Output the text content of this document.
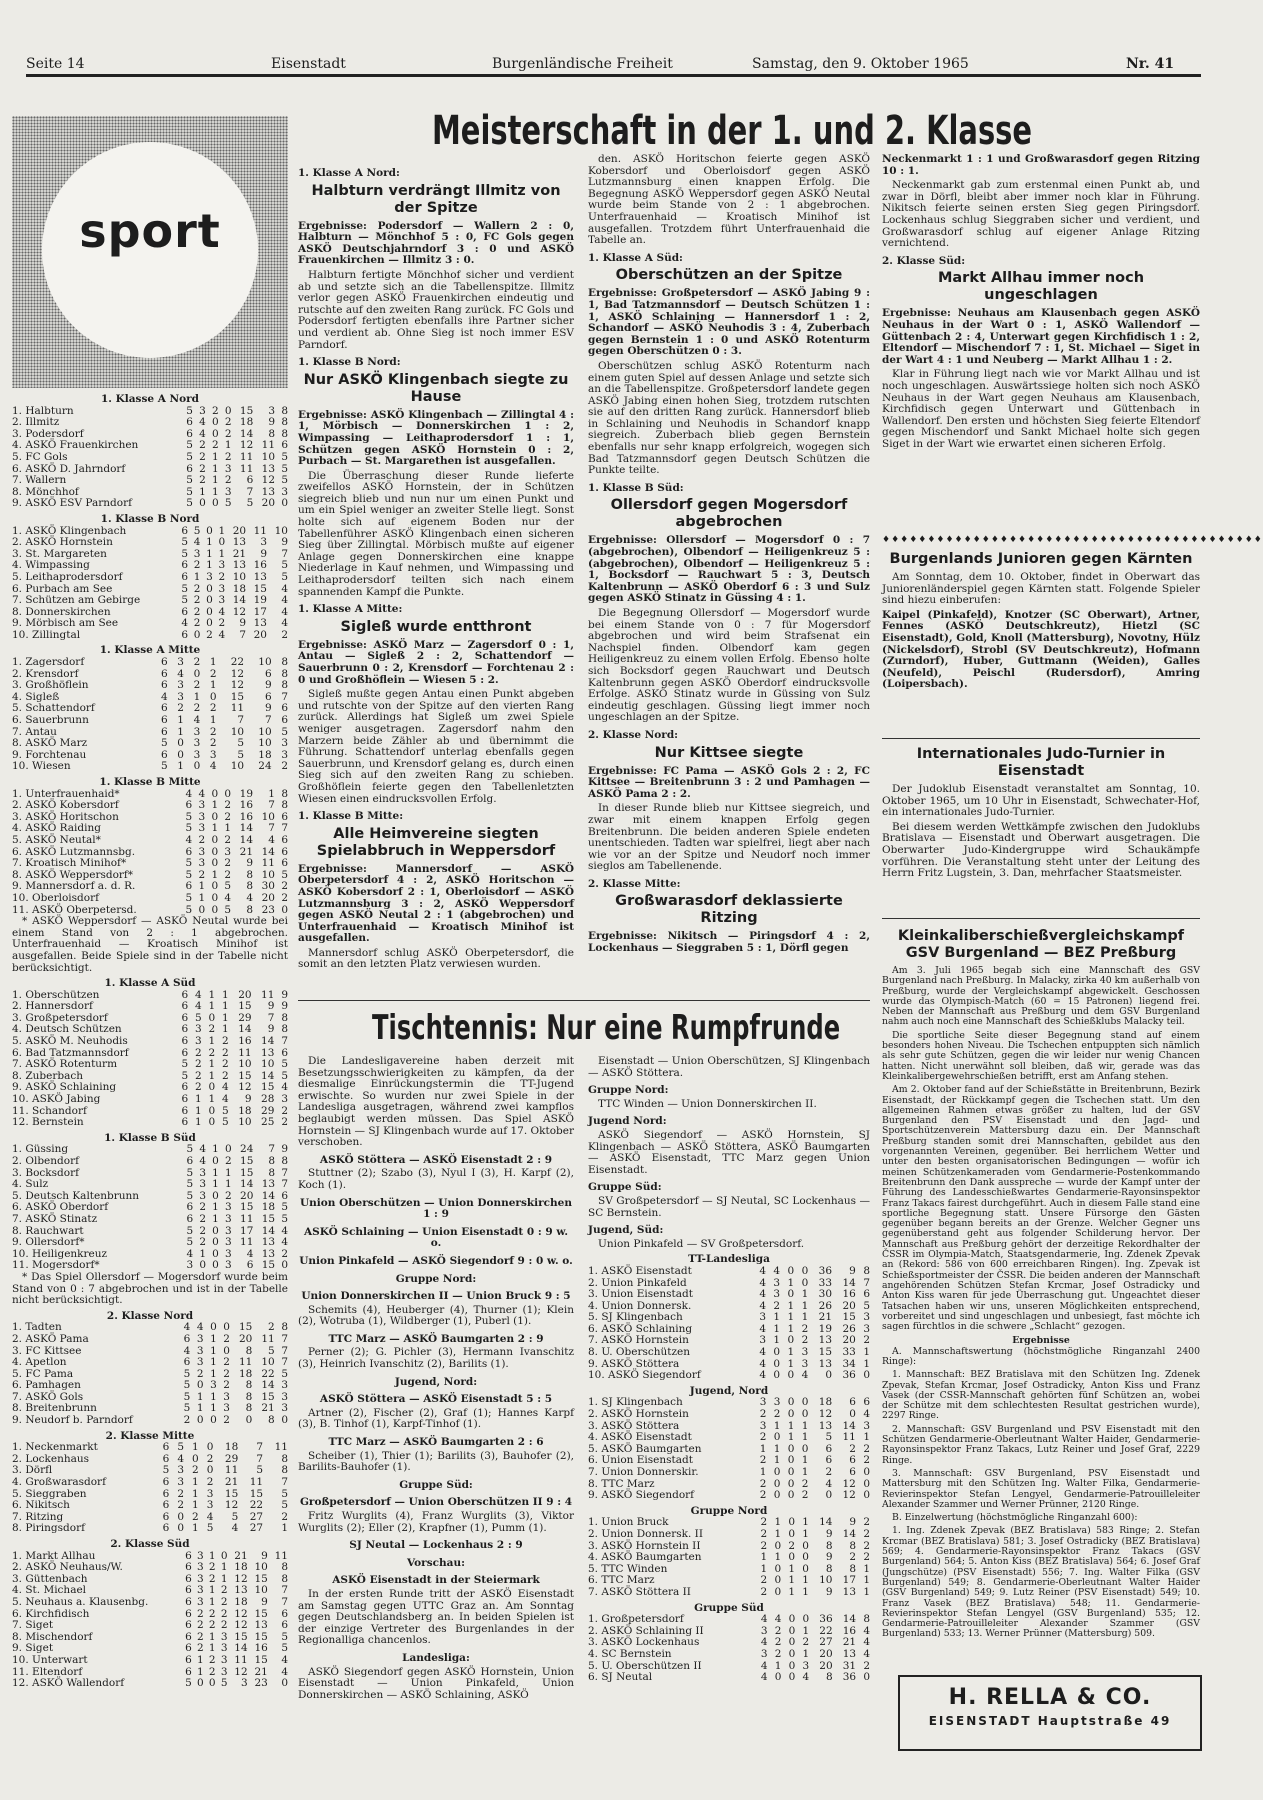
Seite 14	Eisenstadt	Burgenländische Freiheit	Samstag, den 9. Oktober 1965	Nr. 41
sport
Meisterschaft in der 1. und 2. Klasse
1. Klasse A Nord
1. Halbturn	5	3	2	0	15	3	8
2. Illmitz	6	4	0	2	18	9	8
3. Podersdorf	6	4	0	2	14	8	8
4. ASKÖ Frauenkirchen	5	2	2	1	12	11	6
5. FC Gols	5	2	1	2	11	10	5
6. ASKÖ D. Jahrndorf	6	2	1	3	11	13	5
7. Wallern	5	2	1	2	6	12	5
8. Mönchhof	5	1	1	3	7	13	3
9. ASKÖ ESV Parndorf	5	0	0	5	5	20	0
1. Klasse B Nord
1. ASKÖ Klingenbach	6	5	0	1	20	11	10
2. ASKÖ Hornstein	5	4	1	0	13	3	9
3. St. Margareten	5	3	1	1	21	9	7
4. Wimpassing	6	2	1	3	13	16	5
5. Leithaprodersdorf	6	1	3	2	10	13	5
6. Purbach am See	5	2	0	3	18	15	4
7. Schützen am Gebirge	5	2	0	3	14	19	4
8. Donnerskirchen	6	2	0	4	12	17	4
9. Mörbisch am See	4	2	0	2	9	13	4
10. Zillingtal	6	0	2	4	7	20	2
1. Klasse A Mitte
1. Zagersdorf	6	3	2	1	22	10	8
2. Krensdorf	6	4	0	2	12	6	8
3. Großhöflein	6	3	2	1	12	9	8
4. Sigleß	4	3	1	0	15	6	7
5. Schattendorf	6	2	2	2	11	9	6
6. Sauerbrunn	6	1	4	1	7	7	6
7. Antau	6	1	3	2	10	10	5
8. ASKÖ Marz	5	0	3	2	5	10	3
9. Forchtenau	6	0	3	3	5	18	3
10. Wiesen	5	1	0	4	10	24	2
1. Klasse B Mitte
1. Unterfrauenhaid*	4	4	0	0	19	1	8
2. ASKÖ Kobersdorf	6	3	1	2	16	7	8
3. ASKÖ Horitschon	5	3	0	2	16	10	6
4. ASKÖ Raiding	5	3	1	1	14	7	7
5. ASKÖ Neutal*	4	2	0	2	14	4	6
6. ASKÖ Lutzmannsbg.	6	3	0	3	21	14	6
7. Kroatisch Minihof*	5	3	0	2	9	11	6
8. ASKÖ Weppersdorf*	5	2	1	2	8	10	5
9. Mannersdorf a. d. R.	6	1	0	5	8	30	2
10. Oberloisdorf	5	1	0	4	4	20	2
11. ASKÖ Oberpetersd.	5	0	0	5	8	23	0

* ASKÖ Weppersdorf — ASKÖ Neutal wurde bei einem Stand von 2 : 1 abgebrochen. Unterfrauenhaid — Kroatisch Minihof ist ausgefallen. Beide Spiele sind in der Tabelle nicht berücksichtigt.

1. Klasse A Süd
1. Oberschützen	6	4	1	1	20	11	9
2. Hannersdorf	6	4	1	1	15	9	9
3. Großpetersdorf	6	5	0	1	29	7	8
4. Deutsch Schützen	6	3	2	1	14	9	8
5. ASKÖ M. Neuhodis	6	3	1	2	16	14	7
6. Bad Tatzmannsdorf	6	2	2	2	11	13	6
7. ASKÖ Rotenturm	5	2	1	2	10	10	5
8. Zuberbach	5	2	1	2	15	14	5
9. ASKÖ Schlaining	6	2	0	4	12	15	4
10. ASKÖ Jabing	6	1	1	4	9	28	3
11. Schandorf	6	1	0	5	18	29	2
12. Bernstein	6	1	0	5	10	25	2
1. Klasse B Süd
1. Güssing	5	4	1	0	24	7	9
2. Olbendorf	6	4	0	2	15	8	8
3. Bocksdorf	5	3	1	1	15	8	7
4. Sulz	5	3	1	1	14	13	7
5. Deutsch Kaltenbrunn	5	3	0	2	20	14	6
6. ASKÖ Oberdorf	6	2	1	3	15	18	5
7. ASKÖ Stinatz	6	2	1	3	11	15	5
8. Rauchwart	5	2	0	3	17	14	4
9. Ollersdorf*	5	2	0	3	11	13	4
10. Heiligenkreuz	4	1	0	3	4	13	2
11. Mogersdorf*	3	0	0	3	6	15	0

* Das Spiel Ollersdorf — Mogersdorf wurde beim Stand von 0 : 7 abgebrochen und ist in der Tabelle nicht berücksichtigt.

2. Klasse Nord
1. Tadten	4	4	0	0	15	2	8
2. ASKÖ Pama	6	3	1	2	20	11	7
3. FC Kittsee	4	3	1	0	8	5	7
4. Apetlon	6	3	1	2	11	10	7
5. FC Pama	5	2	1	2	18	22	5
6. Pamhagen	5	0	3	2	8	14	3
7. ASKÖ Gols	5	1	1	3	8	15	3
8. Breitenbrunn	5	1	1	3	8	21	3
9. Neudorf b. Parndorf	2	0	0	2	0	8	0
2. Klasse Mitte
1. Neckenmarkt	6	5	1	0	18	7	11
2. Lockenhaus	6	4	0	2	29	7	8
3. Dörfl	5	3	2	0	11	5	8
4. Großwarasdorf	6	3	1	2	21	11	7
5. Sieggraben	6	2	1	3	15	15	5
6. Nikitsch	6	2	1	3	12	22	5
7. Ritzing	6	0	2	4	5	27	2
8. Piringsdorf	6	0	1	5	4	27	1
2. Klasse Süd
1. Markt Allhau	6	3	1	0	21	9	11
2. ASKÖ Neuhaus/W.	6	3	2	1	18	10	8
3. Güttenbach	6	3	2	1	12	15	8
4. St. Michael	6	3	1	2	13	10	7
5. Neuhaus a. Klausenbg.	6	3	1	2	18	9	7
6. Kirchfidisch	6	2	2	2	12	15	6
7. Siget	6	2	2	2	12	13	6
8. Mischendorf	6	2	1	3	15	15	5
9. Siget	6	2	1	3	14	16	5
10. Unterwart	6	1	2	3	11	15	4
11. Eltendorf	6	1	2	3	12	21	4
12. ASKÖ Wallendorf	5	0	0	5	3	23	0
1. Klasse A Nord:
Halbturn verdrängt Illmitz von der Spitze

Ergebnisse: Podersdorf — Wallern 2 : 0, Halbturn — Mönchhof 5 : 0, FC Gols gegen ASKÖ Deutschjahrndorf 3 : 0 und ASKÖ Frauenkirchen — Illmitz 3 : 0.

Halbturn fertigte Mönchhof sicher und verdient ab und setzte sich an die Tabellenspitze. Illmitz verlor gegen ASKÖ Frauenkirchen eindeutig und rutschte auf den zweiten Rang zurück. FC Gols und Podersdorf fertigten ebenfalls ihre Partner sicher und verdient ab. Ohne Sieg ist noch immer ESV Parndorf.

1. Klasse B Nord:
Nur ASKÖ Klingenbach siegte zu Hause

Ergebnisse: ASKÖ Klingenbach — Zillingtal 4 : 1, Mörbisch — Donnerskirchen 1 : 2, Wimpassing — Leithaprodersdorf 1 : 1, Schützen gegen ASKÖ Hornstein 0 : 2, Purbach — St. Margarethen ist ausgefallen.

Die Überraschung dieser Runde lieferte zweifellos ASKÖ Hornstein, der in Schützen siegreich blieb und nun nur um einen Punkt und um ein Spiel weniger an zweiter Stelle liegt. Sonst holte sich auf eigenem Boden nur der Tabellenführer ASKÖ Klingenbach einen sicheren Sieg über Zillingtal. Mörbisch mußte auf eigener Anlage gegen Donnerskirchen eine knappe Niederlage in Kauf nehmen, und Wimpassing und Leithaprodersdorf teilten sich nach einem spannenden Kampf die Punkte.

1. Klasse A Mitte:
Sigleß wurde entthront

Ergebnisse: ASKÖ Marz — Zagersdorf 0 : 1, Antau — Sigleß 2 : 2, Schattendorf — Sauerbrunn 0 : 2, Krensdorf — Forchtenau 2 : 0 und Großhöflein — Wiesen 5 : 2.

Sigleß mußte gegen Antau einen Punkt abgeben und rutschte von der Spitze auf den vierten Rang zurück. Allerdings hat Sigleß um zwei Spiele weniger ausgetragen. Zagersdorf nahm den Marzern beide Zähler ab und übernimmt die Führung. Schattendorf unterlag ebenfalls gegen Sauerbrunn, und Krensdorf gelang es, durch einen Sieg sich auf den zweiten Rang zu schieben. Großhöflein feierte gegen den Tabellenletzten Wiesen einen eindrucksvollen Erfolg.

1. Klasse B Mitte:
Alle Heimvereine siegten Spielabbruch in Weppersdorf

Ergebnisse: Mannersdorf — ASKÖ Oberpetersdorf 4 : 2, ASKÖ Horitschon — ASKÖ Kobersdorf 2 : 1, Oberloisdorf — ASKÖ Lutzmannsburg 3 : 2, ASKÖ Weppersdorf gegen ASKÖ Neutal 2 : 1 (abgebrochen) und Unterfrauenhaid — Kroatisch Minihof ist ausgefallen.

Mannersdorf schlug ASKÖ Oberpetersdorf, die somit an den letzten Platz verwiesen wurden.

den. ASKÖ Horitschon feierte gegen ASKÖ Kobersdorf und Oberloisdorf gegen ASKÖ Lutzmannsburg einen knappen Erfolg. Die Begegnung ASKÖ Weppersdorf gegen ASKÖ Neutal wurde beim Stande von 2 : 1 abgebrochen. Unterfrauenhaid — Kroatisch Minihof ist ausgefallen. Trotzdem führt Unterfrauenhaid die Tabelle an.

1. Klasse A Süd:
Oberschützen an der Spitze

Ergebnisse: Großpetersdorf — ASKÖ Jabing 9 : 1, Bad Tatzmannsdorf — Deutsch Schützen 1 : 1, ASKÖ Schlaining — Hannersdorf 1 : 2, Schandorf — ASKÖ Neuhodis 3 : 4, Zuberbach gegen Bernstein 1 : 0 und ASKÖ Rotenturm gegen Oberschützen 0 : 3.

Oberschützen schlug ASKÖ Rotenturm nach einem guten Spiel auf dessen Anlage und setzte sich an die Tabellenspitze. Großpetersdorf landete gegen ASKÖ Jabing einen hohen Sieg, trotzdem rutschten sie auf den dritten Rang zurück. Hannersdorf blieb in Schlaining und Neuhodis in Schandorf knapp siegreich. Zuberbach blieb gegen Bernstein ebenfalls nur sehr knapp erfolgreich, wogegen sich Bad Tatzmannsdorf gegen Deutsch Schützen die Punkte teilte.

1. Klasse B Süd:
Ollersdorf gegen Mogersdorf abgebrochen

Ergebnisse: Ollersdorf — Mogersdorf 0 : 7 (abgebrochen), Olbendorf — Heiligenkreuz 5 : (abgebrochen), Olbendorf — Heiligenkreuz 5 : 1, Bocksdorf — Rauchwart 5 : 3, Deutsch Kaltenbrunn — ASKÖ Oberdorf 6 : 3 und Sulz gegen ASKÖ Stinatz in Güssing 4 : 1.

Die Begegnung Ollersdorf — Mogersdorf wurde bei einem Stande von 0 : 7 für Mogersdorf abgebrochen und wird beim Strafsenat ein Nachspiel finden. Olbendorf kam gegen Heiligenkreuz zu einem vollen Erfolg. Ebenso holte sich Bocksdorf gegen Rauchwart und Deutsch Kaltenbrunn gegen ASKÖ Oberdorf eindrucksvolle Erfolge. ASKÖ Stinatz wurde in Güssing von Sulz eindeutig geschlagen. Güssing liegt immer noch ungeschlagen an der Spitze.

2. Klasse Nord:
Nur Kittsee siegte

Ergebnisse: FC Pama — ASKÖ Gols 2 : 2, FC Kittsee — Breitenbrunn 3 : 2 und Pamhagen — ASKÖ Pama 2 : 2.

In dieser Runde blieb nur Kittsee siegreich, und zwar mit einem knappen Erfolg gegen Breitenbrunn. Die beiden anderen Spiele endeten unentschieden. Tadten war spielfrei, liegt aber nach wie vor an der Spitze und Neudorf noch immer sieglos am Tabellenende.

2. Klasse Mitte:
Großwarasdorf deklassierte Ritzing

Ergebnisse: Nikitsch — Piringsdorf 4 : 2, Lockenhaus — Sieggraben 5 : 1, Dörfl gegen

Neckenmarkt 1 : 1 und Großwarasdorf gegen Ritzing 10 : 1.

Neckenmarkt gab zum erstenmal einen Punkt ab, und zwar in Dörfl, bleibt aber immer noch klar in Führung. Nikitsch feierte seinen ersten Sieg gegen Piringsdorf. Lockenhaus schlug Sieggraben sicher und verdient, und Großwarasdorf schlug auf eigener Anlage Ritzing vernichtend.

2. Klasse Süd:
Markt Allhau immer noch ungeschlagen

Ergebnisse: Neuhaus am Klausenbach gegen ASKÖ Neuhaus in der Wart 0 : 1, ASKÖ Wallendorf — Güttenbach 2 : 4, Unterwart gegen Kirchfidisch 1 : 2, Eltendorf — Mischendorf 7 : 1, St. Michael — Siget in der Wart 4 : 1 und Neuberg — Markt Allhau 1 : 2.

Klar in Führung liegt nach wie vor Markt Allhau und ist noch ungeschlagen. Auswärtssiege holten sich noch ASKÖ Neuhaus in der Wart gegen Neuhaus am Klausenbach, Kirchfidisch gegen Unterwart und Güttenbach in Wallendorf. Den ersten und höchsten Sieg feierte Eltendorf gegen Mischendorf und Sankt Michael holte sich gegen Siget in der Wart wie erwartet einen sicheren Erfolg.

♦♦♦♦♦♦♦♦♦♦♦♦♦♦♦♦♦♦♦♦♦♦♦♦♦♦♦♦♦♦♦♦♦♦♦♦♦♦♦♦♦♦
Burgenlands Junioren gegen Kärnten

Am Sonntag, dem 10. Oktober, findet in Oberwart das Juniorenländerspiel gegen Kärnten statt. Folgende Spieler sind hiezu einberufen:

Kaipel (Pinkafeld), Knotzer (SC Oberwart), Artner, Fennes (ASKÖ Deutschkreutz), Hietzl (SC Eisenstadt), Gold, Knoll (Mattersburg), Novotny, Hülz (Nickelsdorf), Strobl (SV Deutschkreutz), Hofmann (Zurndorf), Huber, Guttmann (Weiden), Galles (Neufeld), Peischl (Rudersdorf), Amring (Loipersbach).

Internationales Judo-Turnier in Eisenstadt

Der Judoklub Eisenstadt veranstaltet am Sonntag, 10. Oktober 1965, um 10 Uhr in Eisenstadt, Schwechater-Hof, ein internationales Judo-Turnier.

Bei diesem werden Wettkämpfe zwischen den Judoklubs Bratislava — Eisenstadt und Oberwart ausgetragen. Die Oberwarter Judo-Kindergruppe wird Schaukämpfe vorführen. Die Veranstaltung steht unter der Leitung des Herrn Fritz Lugstein, 3. Dan, mehrfacher Staatsmeister.

Kleinkaliberschießvergleichskampf GSV Burgenland — BEZ Preßburg

Am 3. Juli 1965 begab sich eine Mannschaft des GSV Burgenland nach Preßburg. In Malacky, zirka 40 km außerhalb von Preßburg, wurde der Vergleichskampf abgewickelt. Geschossen wurde das Olympisch-Match (60 = 15 Patronen) liegend frei. Neben der Mannschaft aus Preßburg und dem GSV Burgenland nahm auch noch eine Mannschaft des Schießklubs Malacky teil.

Die sportliche Seite dieser Begegnung stand auf einem besonders hohen Niveau. Die Tschechen entpuppten sich nämlich als sehr gute Schützen, gegen die wir leider nur wenig Chancen hatten. Nicht unerwähnt soll bleiben, daß wir, gerade was das Kleinkalibergewehrschießen betrifft, erst am Anfang stehen.

Am 2. Oktober fand auf der Schießstätte in Breitenbrunn, Bezirk Eisenstadt, der Rückkampf gegen die Tschechen statt. Um den allgemeinen Rahmen etwas größer zu halten, lud der GSV Burgenland den PSV Eisenstadt und den Jagd- und Sportschützenverein Mattersburg dazu ein. Der Mannschaft Preßburg standen somit drei Mannschaften, gebildet aus den vorgenannten Vereinen, gegenüber. Bei herrlichem Wetter und unter den besten organisatorischen Bedingungen — wofür ich meinen Schützenkameraden vom Gendarmerie-Postenkommando Breitenbrunn den Dank ausspreche — wurde der Kampf unter der Führung des Landesschießwartes Gendarmerie-Rayonsinspektor Franz Takacs fairest durchgeführt. Auch in diesem Falle stand eine sportliche Begegnung statt. Unsere Fürsorge den Gästen gegenüber begann bereits an der Grenze. Welcher Gegner uns gegenüberstand geht aus folgender Schilderung hervor. Der Mannschaft aus Preßburg gehört der derzeitige Rekordhalter der ČSSR im Olympia-Match, Staatsgendarmerie, Ing. Zdenek Zpevak an (Rekord: 586 von 600 erreichbaren Ringen). Ing. Zpevak ist Schießsportmeister der ČSSR. Die beiden anderen der Mannschaft angehörenden Schützen Stefan Krcmar, Josef Ostradicky und Anton Kiss waren für jede Überraschung gut. Ungeachtet dieser Tatsachen haben wir uns, unseren Möglichkeiten entsprechend, vorbereitet und sind ungeschlagen und unbesiegt, fast möchte ich sagen fürchtlos in die schwere „Schlacht“ gezogen.

Ergebnisse

A. Mannschaftswertung (höchstmögliche Ringanzahl 2400 Ringe):

1. Mannschaft: BEZ Bratislava mit den Schützen Ing. Zdenek Zpevak, Stefan Krcmar, Josef Ostradicky, Anton Kiss und Franz Vasek (der CSSR-Mannschaft gehörten fünf Schützen an, wobei der Schütze mit dem schlechtesten Resultat gestrichen wurde), 2297 Ringe.

2. Mannschaft: GSV Burgenland und PSV Eisenstadt mit den Schützen Gendarmerie-Oberleutnant Walter Haider, Gendarmerie-Rayonsinspektor Franz Takacs, Lutz Reiner und Josef Graf, 2229 Ringe.

3. Mannschaft: GSV Burgenland, PSV Eisenstadt und Mattersburg mit den Schützen Ing. Walter Filka, Gendarmerie-Revierinspektor Stefan Lengyel, Gendarmerie-Patrouilleleiter Alexander Szammer und Werner Prünner, 2120 Ringe.

B. Einzelwertung (höchstmögliche Ringanzahl 600):

1. Ing. Zdenek Zpevak (BEZ Bratislava) 583 Ringe; 2. Stefan Krcmar (BEZ Bratislava) 581; 3. Josef Ostradicky (BEZ Bratislava) 569; 4. Gendarmerie-Rayonsinspektor Franz Takacs (GSV Burgenland) 564; 5. Anton Kiss (BEZ Bratislava) 564; 6. Josef Graf (Jungschütze) (PSV Eisenstadt) 556; 7. Ing. Walter Filka (GSV Burgenland) 549; 8. Gendarmerie-Oberleutnant Walter Haider (GSV Burgenland) 549; 9. Lutz Reiner (PSV Eisenstadt) 549; 10. Franz Vasek (BEZ Bratislava) 548; 11. Gendarmerie-Revierinspektor Stefan Lengyel (GSV Burgenland) 535; 12. Gendarmerie-Patrouilleleiter Alexander Szammer (GSV Burgenland) 533; 13. Werner Prünner (Mattersburg) 509.

H. RELLA & CO.
EISENSTADT Hauptstraße 49
Tischtennis: Nur eine Rumpfrunde

Die Landesligavereine haben derzeit mit Besetzungsschwierigkeiten zu kämpfen, da der diesmalige Einrückungstermin die TT-Jugend erwischte. So wurden nur zwei Spiele in der Landesliga ausgetragen, während zwei kampflos beglaubigt werden müssen. Das Spiel ASKÖ Hornstein — SJ Klingenbach wurde auf 17. Oktober verschoben.

ASKÖ Stöttera — ASKÖ Eisenstadt 2 : 9

Stuttner (2); Szabo (3), Nyul I (3), H. Karpf (2), Koch (1).

Union Oberschützen — Union Donnerskirchen 1 : 9
ASKÖ Schlaining — Union Eisenstadt 0 : 9 w. o.
Union Pinkafeld — ASKÖ Siegendorf 9 : 0 w. o.
Gruppe Nord:
Union Donnerskirchen II — Union Bruck 9 : 5

Schemits (4), Heuberger (4), Thurner (1); Klein (2), Wotruba (1), Wildberger (1), Puberl (1).

TTC Marz — ASKÖ Baumgarten 2 : 9

Perner (2); G. Pichler (3), Hermann Ivanschitz (3), Heinrich Ivanschitz (2), Barilits (1).

Jugend, Nord:
ASKÖ Stöttera — ASKÖ Eisenstadt 5 : 5

Artner (2), Fischer (2), Graf (1); Hannes Karpf (3), B. Tinhof (1), Karpf-Tinhof (1).

TTC Marz — ASKÖ Baumgarten 2 : 6

Scheiber (1), Thier (1); Barilits (3), Bauhofer (2), Barilits-Bauhofer (1).

Gruppe Süd:
Großpetersdorf — Union Oberschützen II 9 : 4

Fritz Wurglits (4), Franz Wurglits (3), Viktor Wurglits (2); Eller (2), Krapfner (1), Pumm (1).

SJ Neutal — Lockenhaus 2 : 9
Vorschau:
ASKÖ Eisenstadt in der Steiermark

In der ersten Runde tritt der ASKÖ Eisenstadt am Samstag gegen UTTC Graz an. Am Sonntag gegen Deutschlandsberg an. In beiden Spielen ist der einzige Vertreter des Burgenlandes in der Regionalliga chancenlos.

Landesliga:

ASKÖ Siegendorf gegen ASKÖ Hornstein, Union Eisenstadt — Union Pinkafeld, Union Donnerskirchen — ASKÖ Schlaining, ASKÖ

Eisenstadt — Union Oberschützen, SJ Klingenbach — ASKÖ Stöttera.

Gruppe Nord:

TTC Winden — Union Donnerskirchen II.

Jugend Nord:

ASKÖ Siegendorf — ASKÖ Hornstein, SJ Klingenbach — ASKÖ Stöttera, ASKÖ Baumgarten — ASKÖ Eisenstadt, TTC Marz gegen Union Eisenstadt.

Gruppe Süd:

SV Großpetersdorf — SJ Neutal, SC Lockenhaus — SC Bernstein.

Jugend, Süd:

Union Pinkafeld — SV Großpetersdorf.

TT-Landesliga
1. ASKÖ Eisenstadt	4	4	0	0	36	9	8
2. Union Pinkafeld	4	3	1	0	33	14	7
3. Union Eisenstadt	4	3	0	1	30	16	6
4. Union Donnersk.	4	2	1	1	26	20	5
5. SJ Klingenbach	3	1	1	1	21	15	3
6. ASKÖ Schlaining	4	1	1	2	19	26	3
7. ASKÖ Hornstein	3	1	0	2	13	20	2
8. U. Oberschützen	4	0	1	3	15	33	1
9. ASKÖ Stöttera	4	0	1	3	13	34	1
10. ASKÖ Siegendorf	4	0	0	4	0	36	0
Jugend, Nord
1. SJ Klingenbach	3	3	0	0	18	6	6
2. ASKÖ Hornstein	2	2	0	0	12	0	4
3. ASKÖ Stöttera	3	1	1	1	13	14	3
4. ASKÖ Eisenstadt	2	0	1	1	5	11	1
5. ASKÖ Baumgarten	1	1	0	0	6	2	2
6. Union Eisenstadt	2	1	0	1	6	6	2
7. Union Donnerskir.	1	0	0	1	2	6	0
8. TTC Marz	2	0	0	2	4	12	0
9. ASKÖ Siegendorf	2	0	0	2	0	12	0
Gruppe Nord
1. Union Bruck	2	1	0	1	14	9	2
2. Union Donnersk. II	2	1	0	1	9	14	2
3. ASKÖ Hornstein II	2	0	2	0	8	8	2
4. ASKÖ Baumgarten	1	1	0	0	9	2	2
5. TTC Winden	1	0	1	0	8	8	1
6. TTC Marz	2	0	1	1	10	17	1
7. ASKÖ Stöttera II	2	0	1	1	9	13	1
Gruppe Süd
1. Großpetersdorf	4	4	0	0	36	14	8
2. ASKÖ Schlaining II	3	2	0	1	22	16	4
3. ASKÖ Lockenhaus	4	2	0	2	27	21	4
4. SC Bernstein	3	2	0	1	20	13	4
5. U. Oberschützen II	4	1	0	3	20	31	2
6. SJ Neutal	4	0	0	4	8	36	0
